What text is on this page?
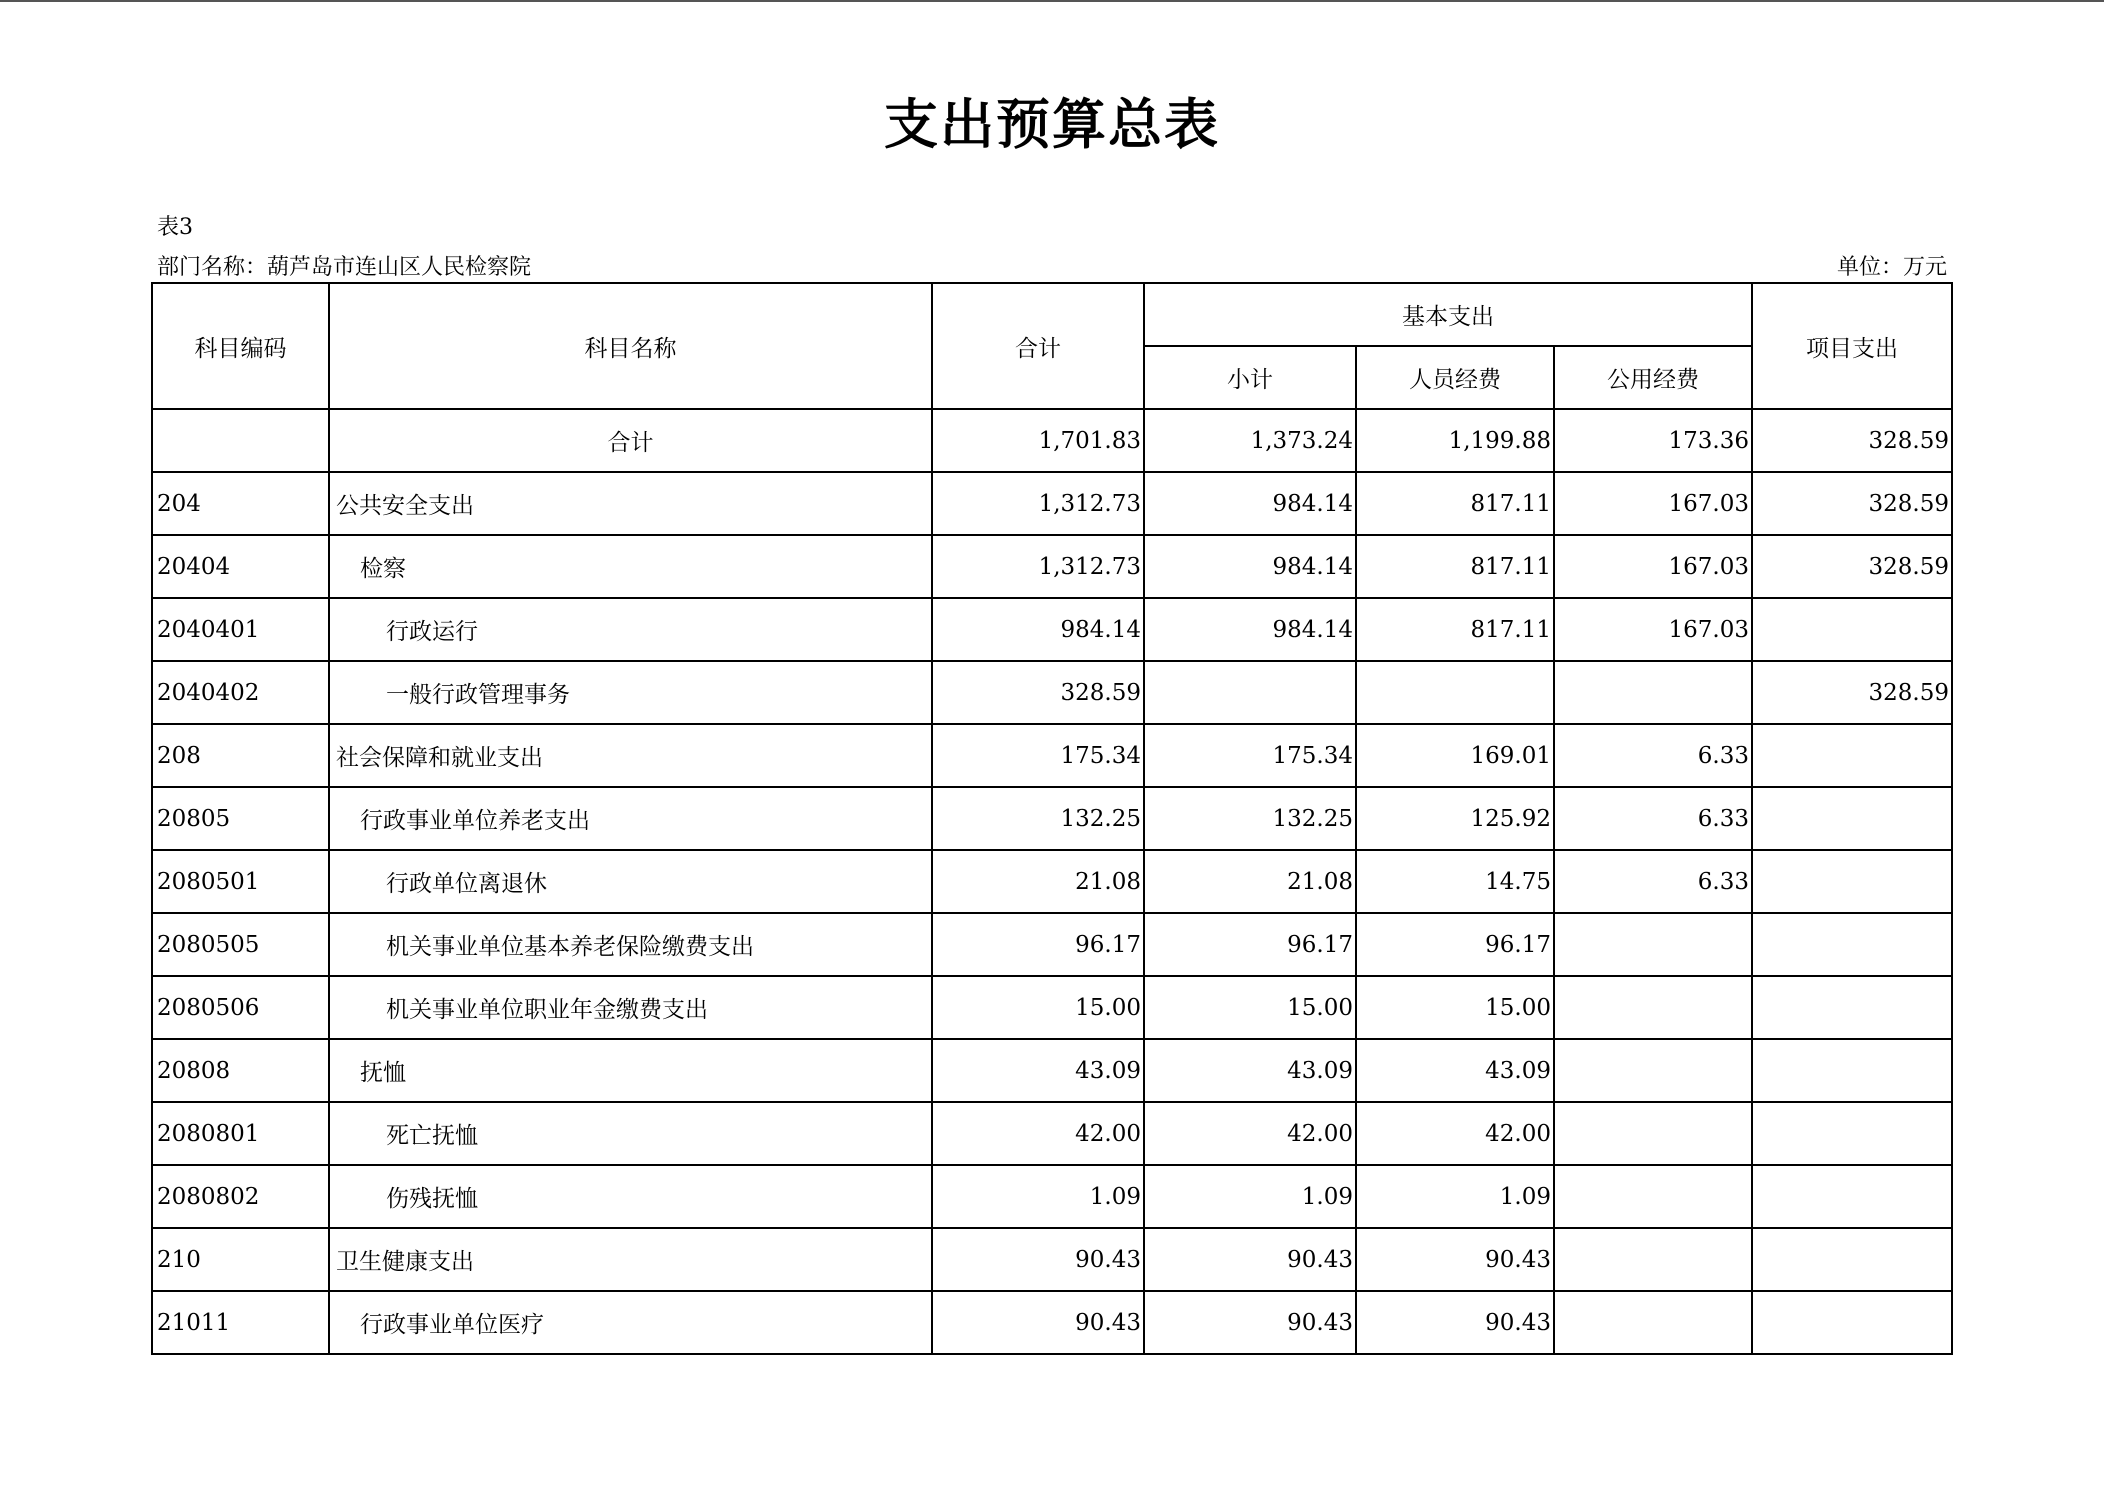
支出预算总表
表3
部门名称：葫芦岛市连山区人民检察院	单位：万元
科目编码	科目名称	合计	基本支出			项目支出
			小计	人员经费	公用经费	
	合计	1,701.83	1,373.24	1,199.88	173.36	328.59
204	公共安全支出	1,312.73	984.14	817.11	167.03	328.59
20404	检察	1,312.73	984.14	817.11	167.03	328.59
2040401	行政运行	984.14	984.14	817.11	167.03	
2040402	一般行政管理事务	328.59				328.59
208	社会保障和就业支出	175.34	175.34	169.01	6.33	
20805	行政事业单位养老支出	132.25	132.25	125.92	6.33	
2080501	行政单位离退休	21.08	21.08	14.75	6.33	
2080505	机关事业单位基本养老保险缴费支出	96.17	96.17	96.17		
2080506	机关事业单位职业年金缴费支出	15.00	15.00	15.00		
20808	抚恤	43.09	43.09	43.09		
2080801	死亡抚恤	42.00	42.00	42.00		
2080802	伤残抚恤	1.09	1.09	1.09		
210	卫生健康支出	90.43	90.43	90.43		
21011	行政事业单位医疗	90.43	90.43	90.43		
